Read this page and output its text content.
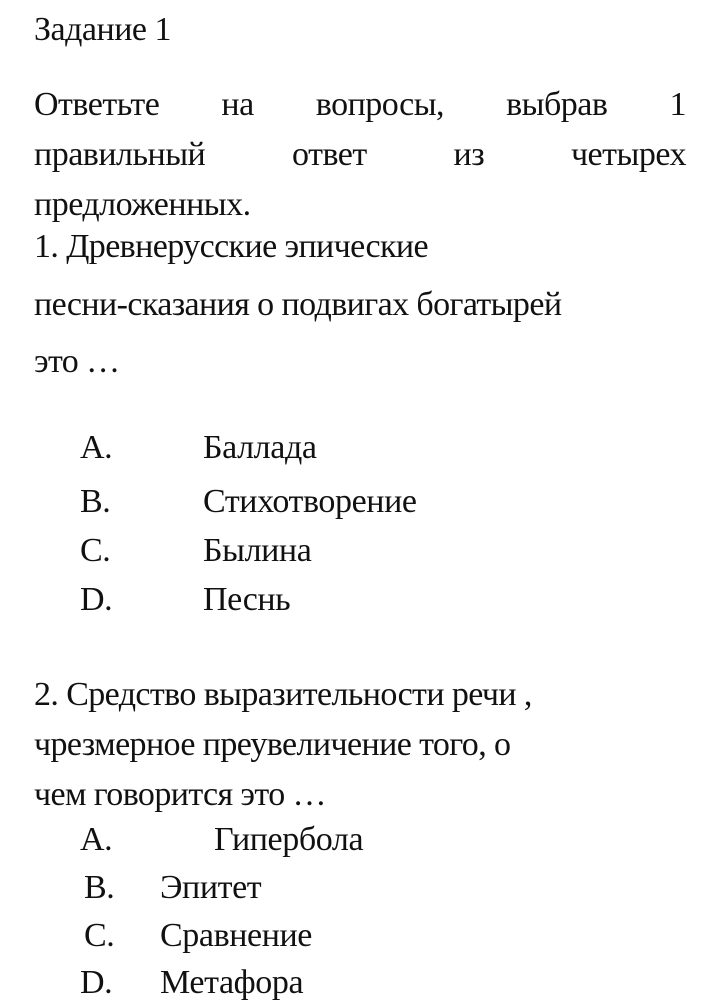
Задание 1
Ответьте на вопросы, выбрав 1
правильный	ответ	из	четырех
предложенных.
1. Древнерусские эпические
песни-сказания о подвигах богатырей
это …
A.	Баллада
B.	Стихотворение
C.	Былина
D.	Песнь
2. Средство выразительности речи ,
чрезмерное преувеличение того, о
чем говорится это …
A.	Гипербола
B. Эпитет
C. Сравнение
D. Метафора
